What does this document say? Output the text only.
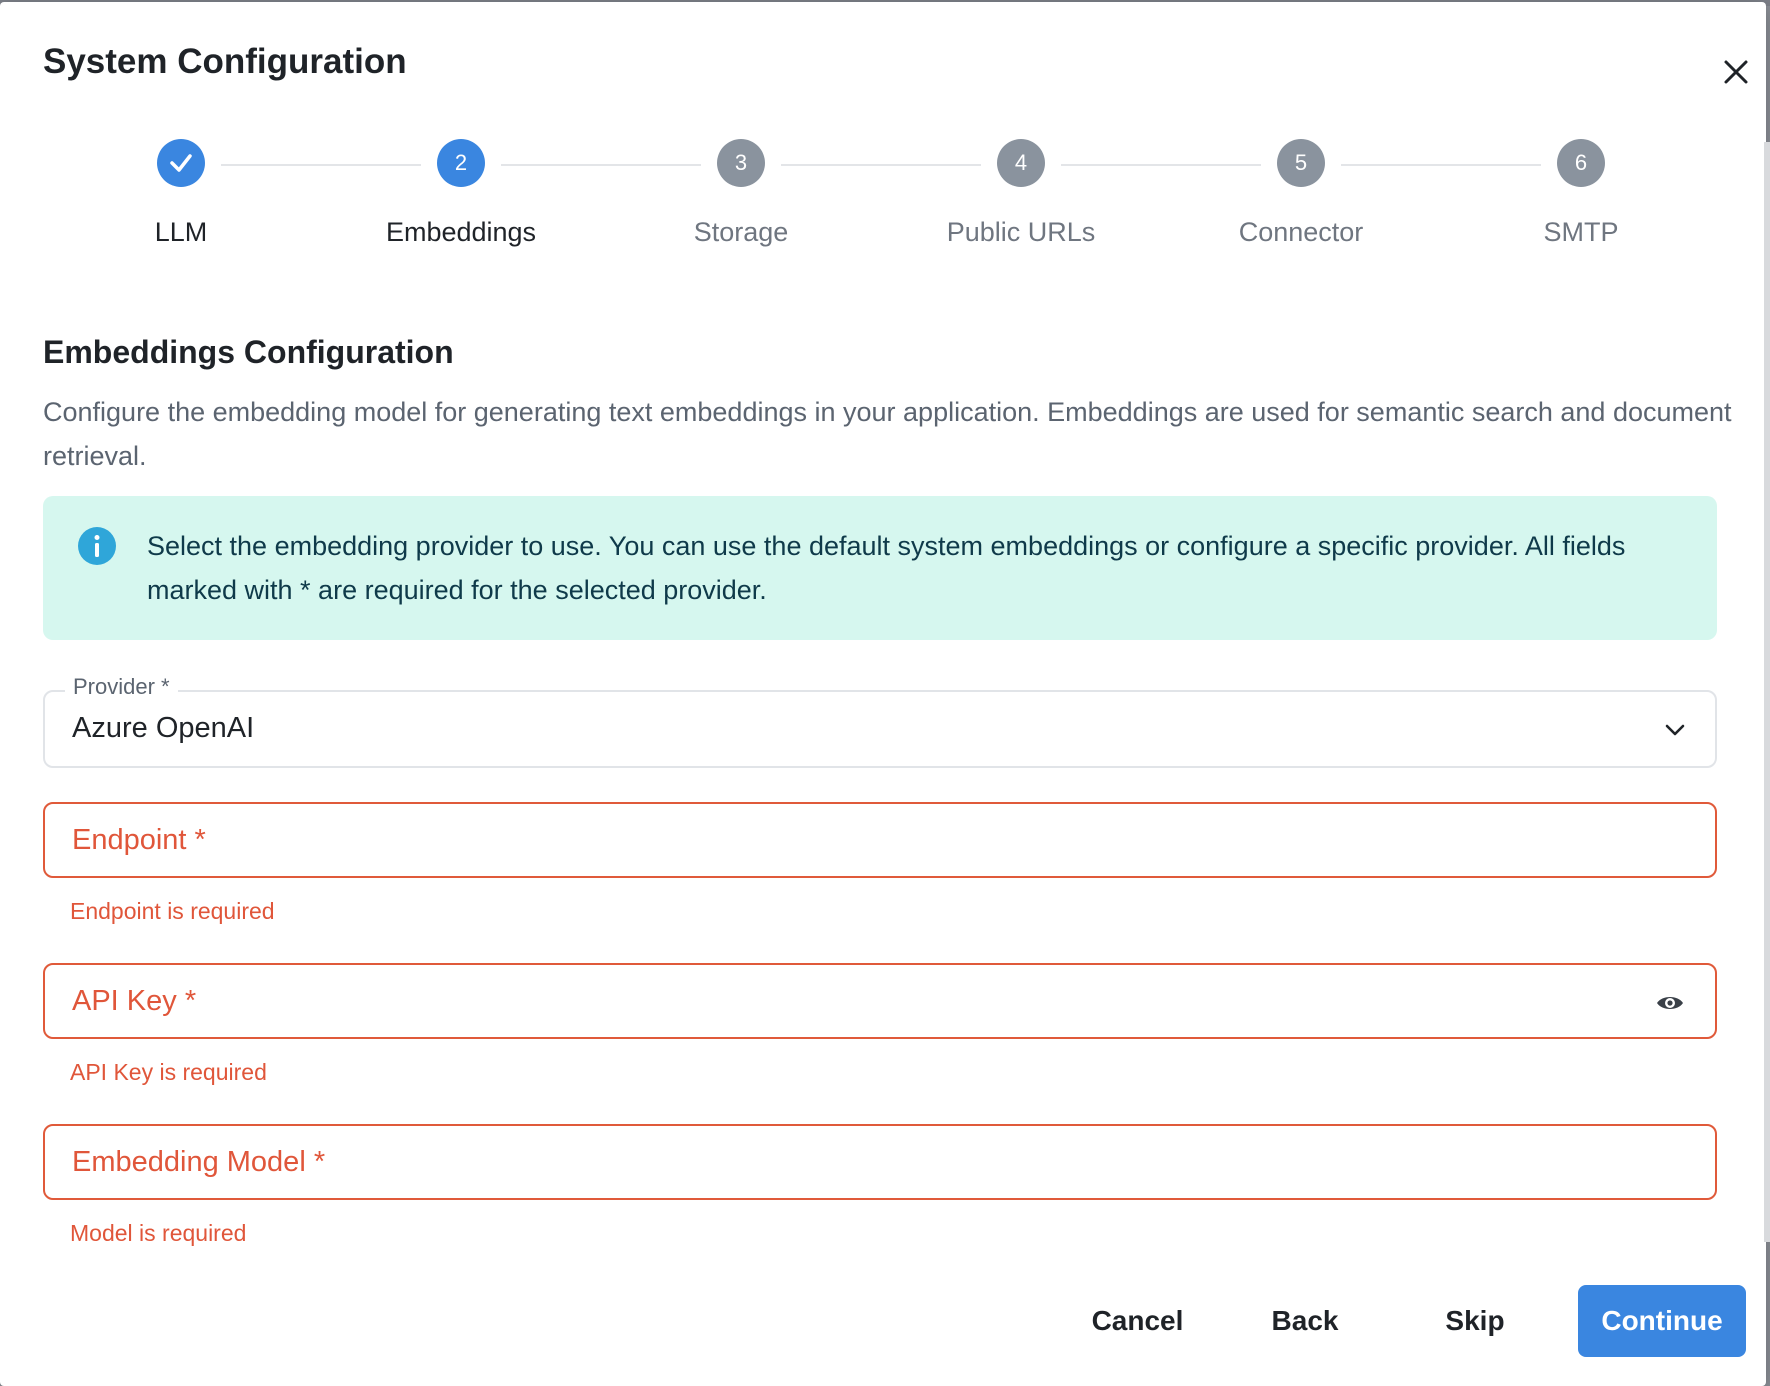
System Configuration
LLM
2
Embeddings
3
Storage
4
Public URLs
5
Connector
6
SMTP
Embeddings Configuration
Configure the embedding model for generating text embeddings in your application. Embeddings are used for semantic search and document retrieval.
Select the embedding provider to use. You can use the default system embeddings or configure a specific provider. All fields marked with * are required for the selected provider.
Provider *
Azure OpenAI
Endpoint *
Endpoint is required
API Key *
API Key is required
Embedding Model *
Model is required
Cancel	Back	Skip	Continue
